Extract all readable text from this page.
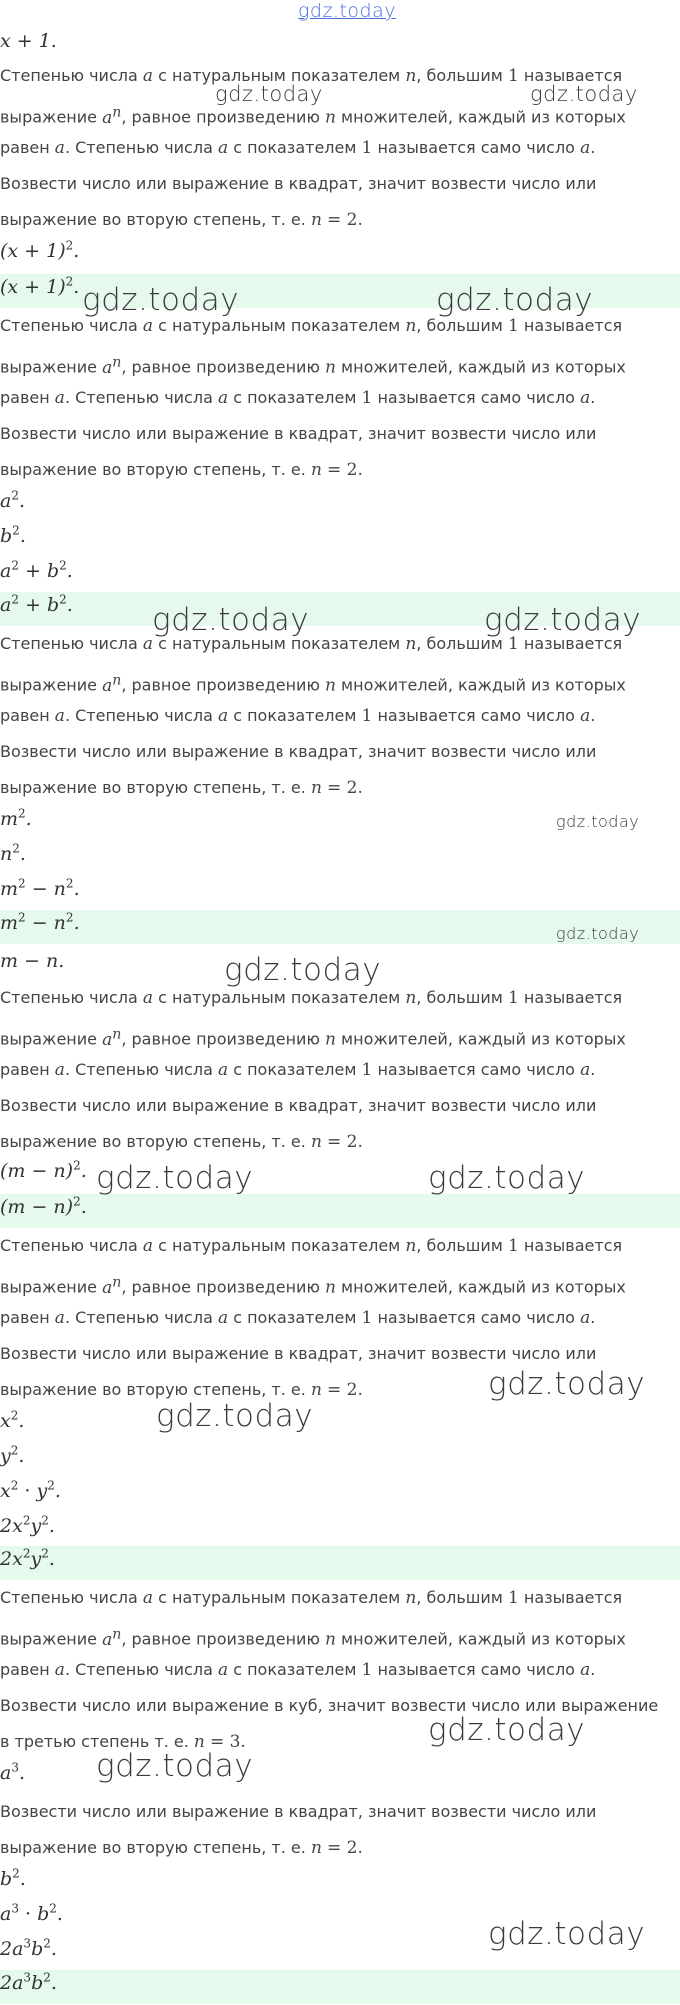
gdz.today
x + 1.
Степенью числа a с натуральным показателем n, большим 1 называется
выражение $a^n$, равное произведению n множителей, каждый из которых
равен a. Степенью числа a с показателем 1 называется само число a.
Возвести число или выражение в квадрат, значит возвести число или
выражение во вторую степень, т. е. n = 2.
$(x + 1)^2$.
$(x + 1)^2$.
Степенью числа a с натуральным показателем n, большим 1 называется
выражение $a^n$, равное произведению n множителей, каждый из которых
равен a. Степенью числа a с показателем 1 называется само число a.
Возвести число или выражение в квадрат, значит возвести число или
выражение во вторую степень, т. е. n = 2.
$a^2$.
$b^2$.
$a^2 + b^2$.
$a^2 + b^2$.
Степенью числа a с натуральным показателем n, большим 1 называется
выражение $a^n$, равное произведению n множителей, каждый из которых
равен a. Степенью числа a с показателем 1 называется само число a.
Возвести число или выражение в квадрат, значит возвести число или
выражение во вторую степень, т. е. n = 2.
$m^2$.
$n^2$.
$m^2 - n^2$.
$m^2 - n^2$.
m − n.
Степенью числа a с натуральным показателем n, большим 1 называется
выражение $a^n$, равное произведению n множителей, каждый из которых
равен a. Степенью числа a с показателем 1 называется само число a.
Возвести число или выражение в квадрат, значит возвести число или
выражение во вторую степень, т. е. n = 2.
$(m - n)^2$.
$(m - n)^2$.
Степенью числа a с натуральным показателем n, большим 1 называется
выражение $a^n$, равное произведению n множителей, каждый из которых
равен a. Степенью числа a с показателем 1 называется само число a.
Возвести число или выражение в квадрат, значит возвести число или
выражение во вторую степень, т. е. n = 2.
$x^2$.
$y^2$.
$x^2 \cdot y^2$.
$2x^2y^2$.
$2x^2y^2$.
Степенью числа a с натуральным показателем n, большим 1 называется
выражение $a^n$, равное произведению n множителей, каждый из которых
равен a. Степенью числа a с показателем 1 называется само число a.
Возвести число или выражение в куб, значит возвести число или выражение
в третью степень т. е. n = 3.
$a^3$.
Возвести число или выражение в квадрат, значит возвести число или
выражение во вторую степень, т. е. n = 2.
$b^2$.
$a^3 \cdot b^2$.
$2a^3b^2$.
$2a^3b^2$.
gdz.today	gdz.today
gdz.today	gdz.today
gdz.today	gdz.today
gdz.today
gdz.today
gdz.today
gdz.today	gdz.today
gdz.today
gdz.today
gdz.today
gdz.today
gdz.today
